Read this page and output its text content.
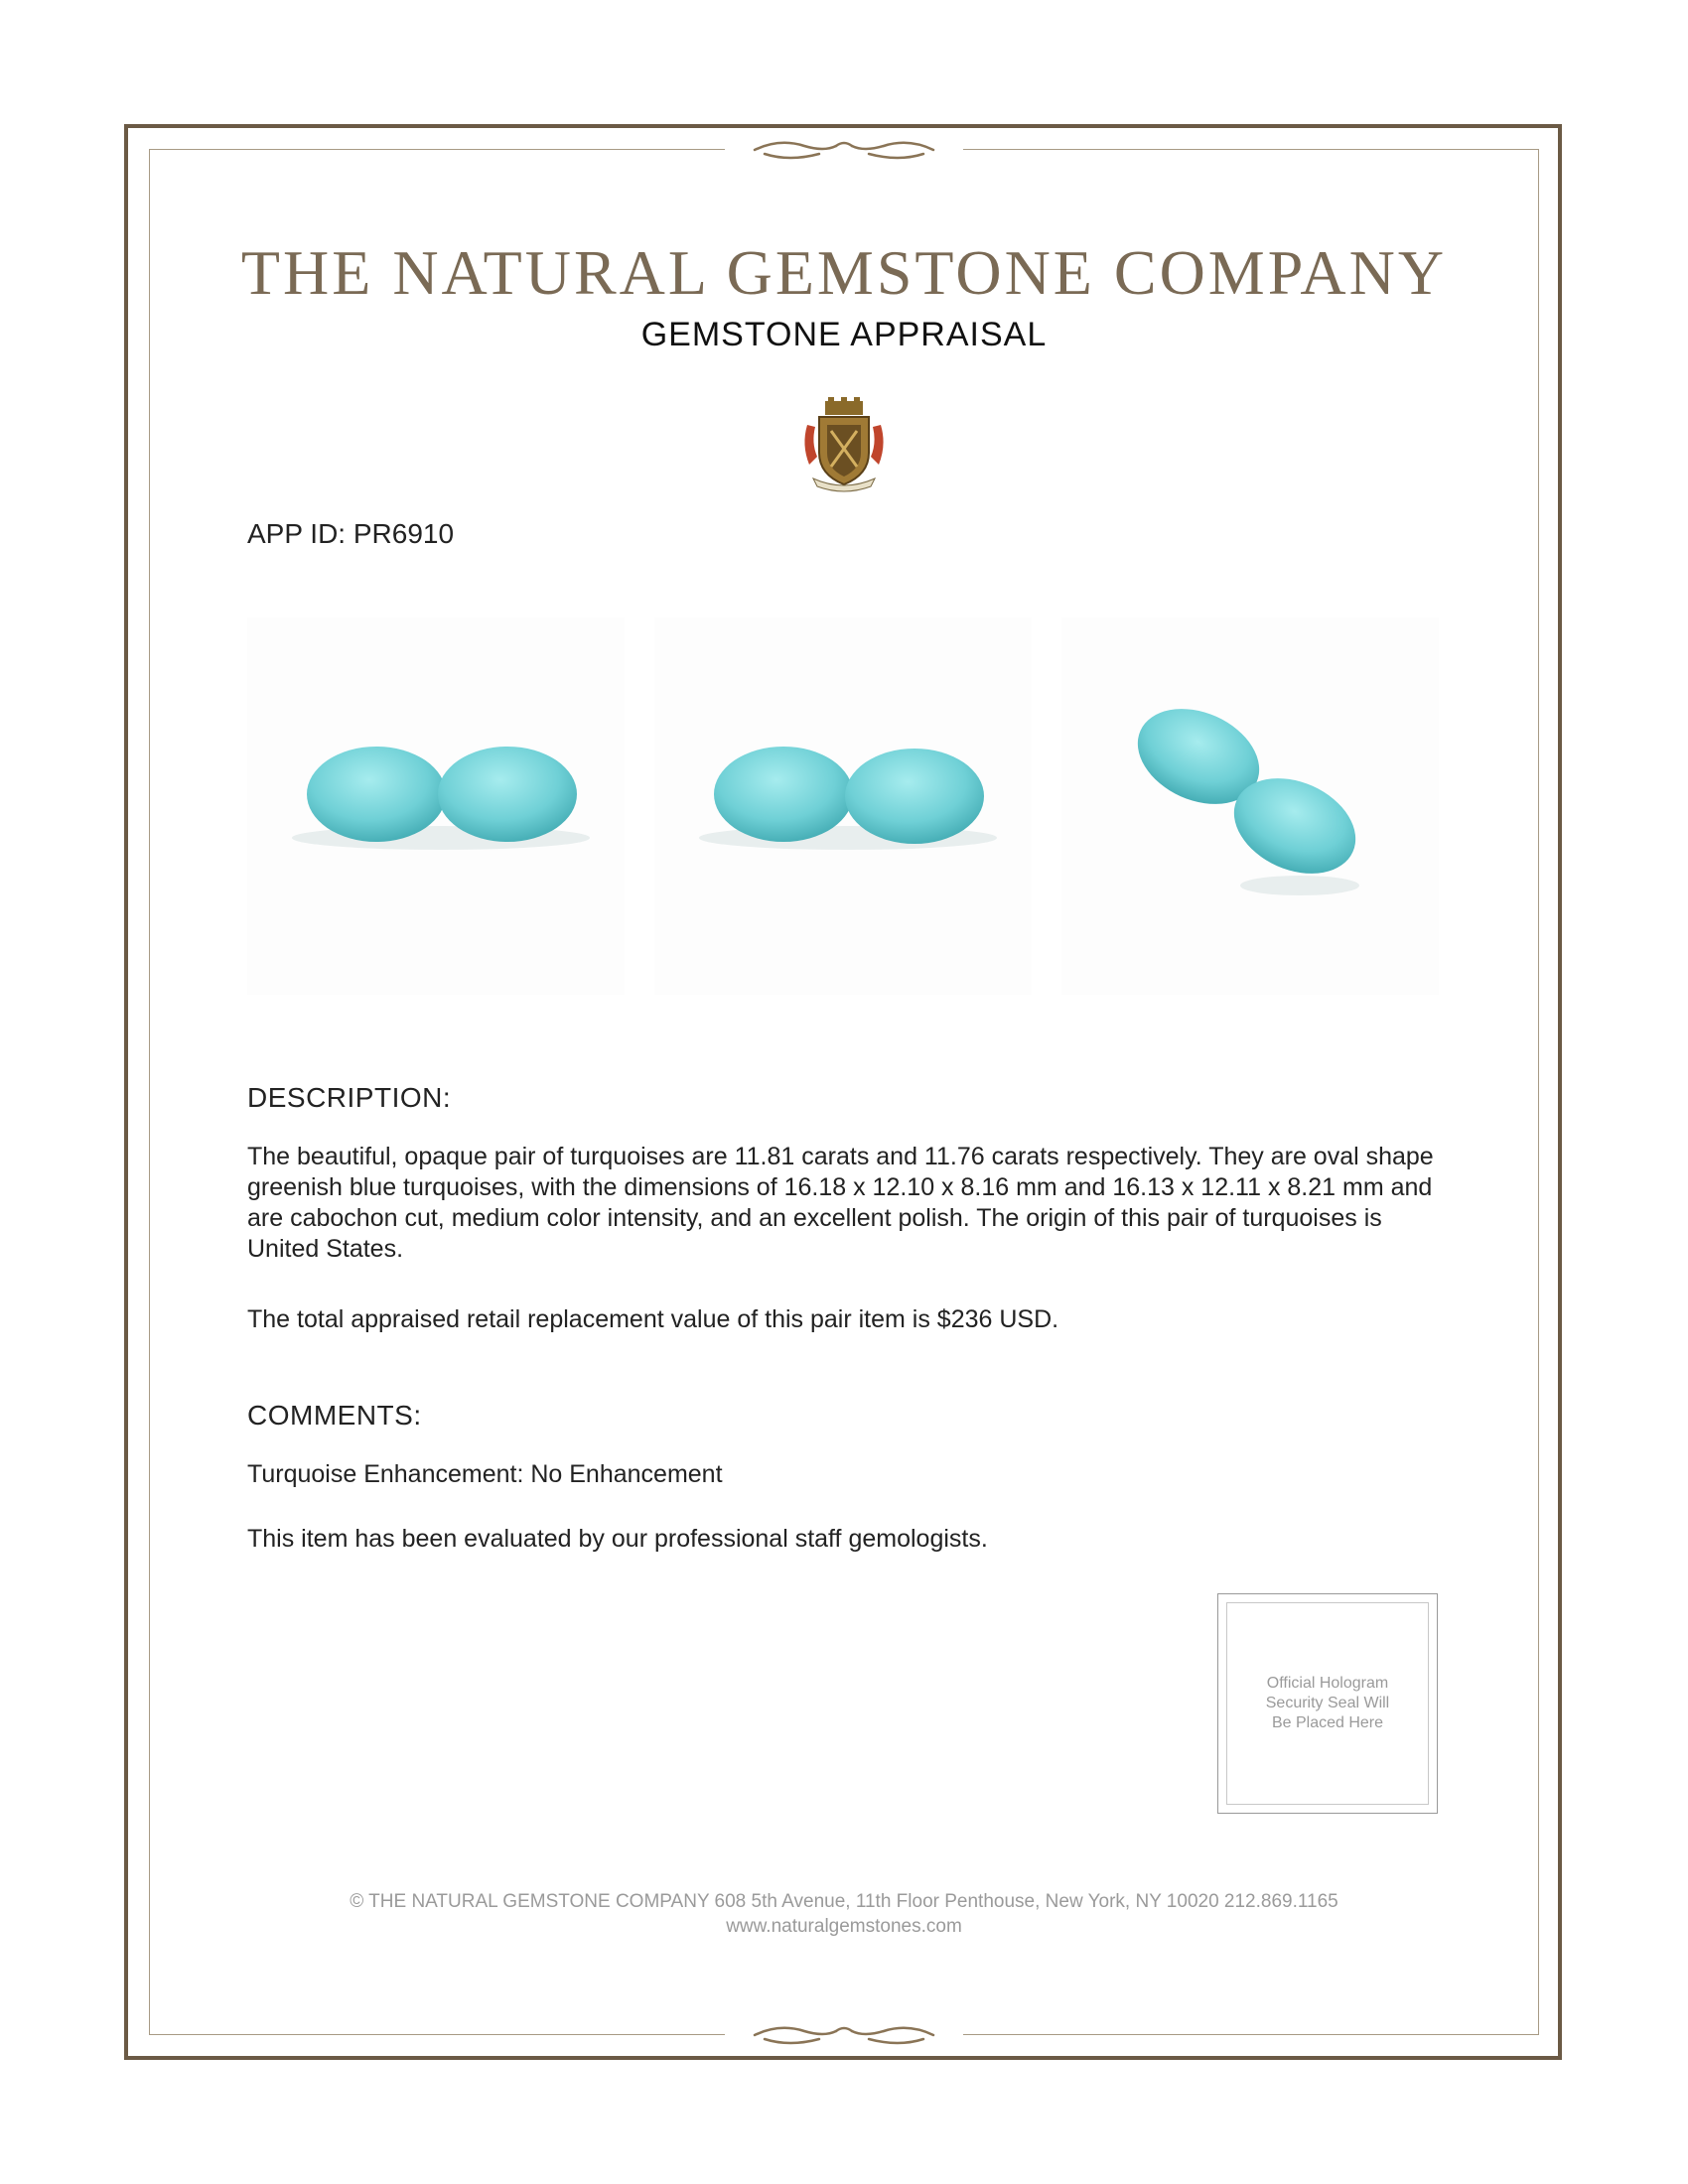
THE NATURAL GEMSTONE COMPANY
GEMSTONE APPRAISAL
APP ID: PR6910
DESCRIPTION:

The beautiful, opaque pair of turquoises are 11.81 carats and 11.76 carats respectively. They are oval shape greenish blue turquoises, with the dimensions of 16.18 x 12.10 x 8.16 mm and 16.13 x 12.11 x 8.21 mm and are cabochon cut, medium color intensity, and an excellent polish. The origin of this pair of turquoises is United States.

The total appraised retail replacement value of this pair item is $236 USD.

COMMENTS:

Turquoise Enhancement: No Enhancement

This item has been evaluated by our professional staff gemologists.

Official Hologram
Security Seal Will
Be Placed Here
© THE NATURAL GEMSTONE COMPANY 608 5th Avenue, 11th Floor Penthouse, New York, NY 10020 212.869.1165
www.naturalgemstones.com
